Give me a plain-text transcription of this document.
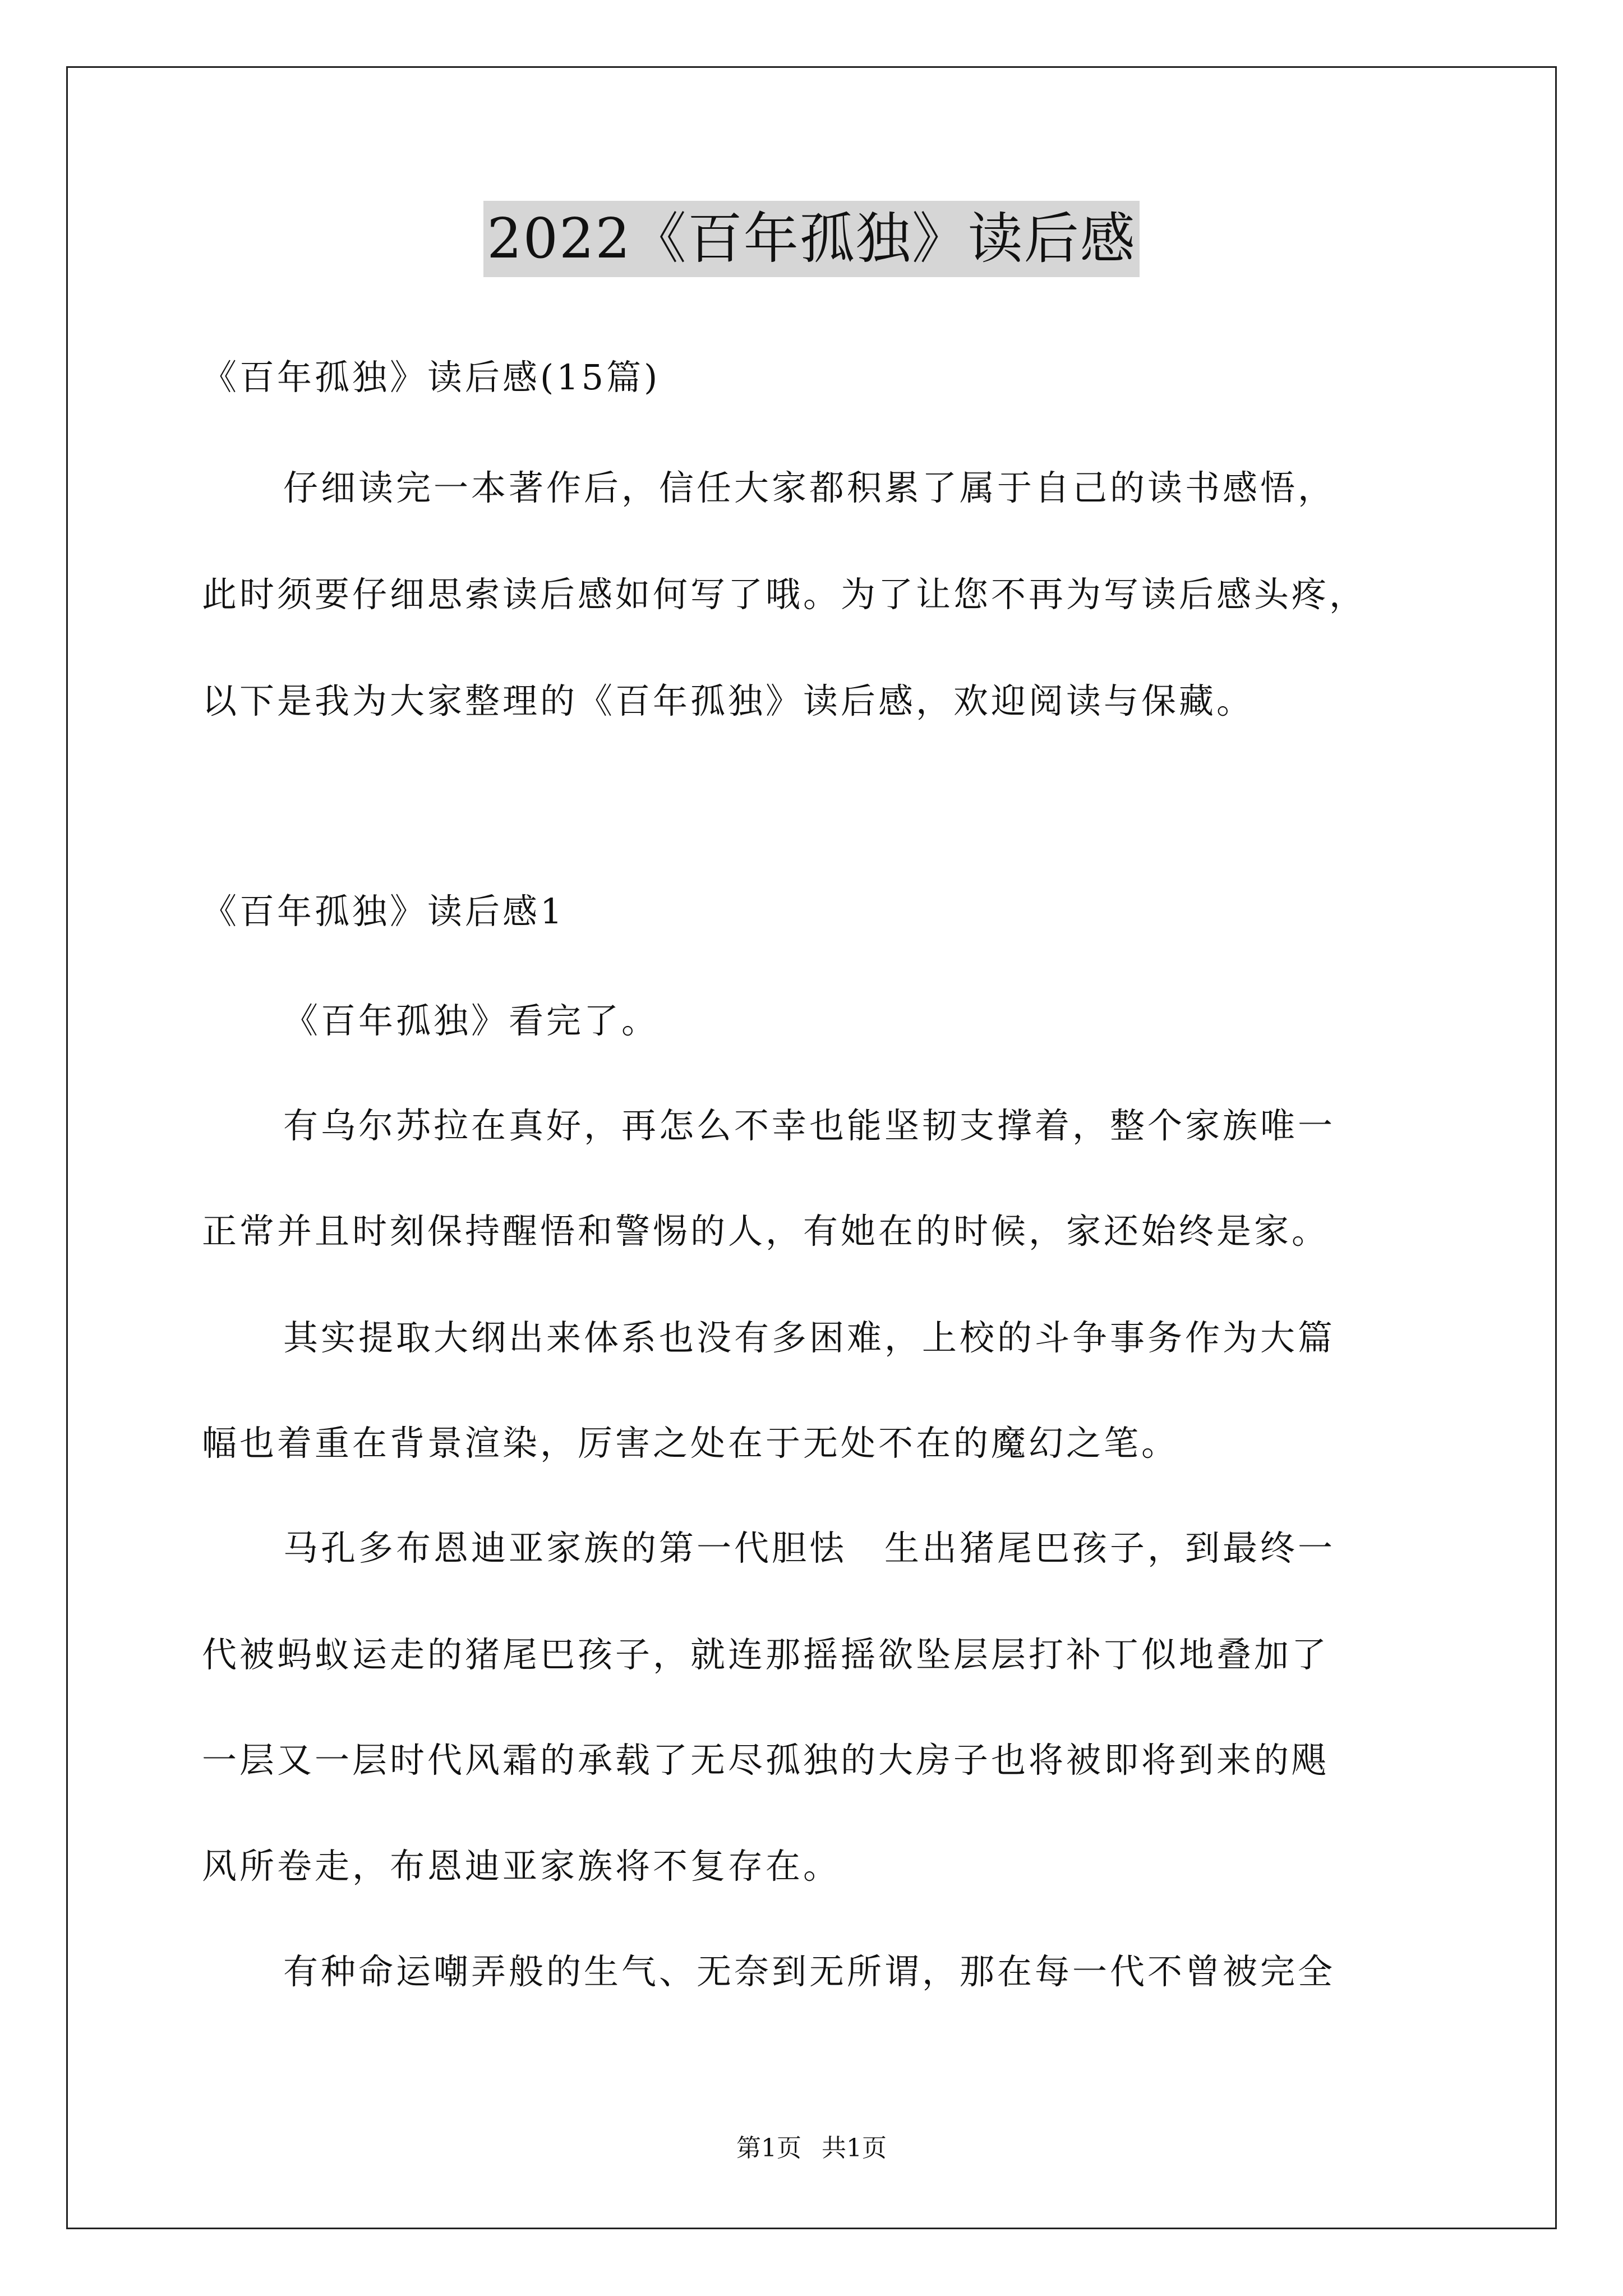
2022《百年孤独》读后感
《百年孤独》读后感(15篇)
仔细读完一本著作后，信任大家都积累了属于自己的读书感悟，
此时须要仔细思索读后感如何写了哦。为了让您不再为写读后感头疼，
以下是我为大家整理的《百年孤独》读后感，欢迎阅读与保藏。
《百年孤独》读后感1
《百年孤独》看完了。
有乌尔苏拉在真好，再怎么不幸也能坚韧支撑着，整个家族唯一
正常并且时刻保持醒悟和警惕的人，有她在的时候，家还始终是家。
其实提取大纲出来体系也没有多困难，上校的斗争事务作为大篇
幅也着重在背景渲染，厉害之处在于无处不在的魔幻之笔。
马孔多布恩迪亚家族的第一代胆怯　生出猪尾巴孩子，到最终一
代被蚂蚁运走的猪尾巴孩子，就连那摇摇欲坠层层打补丁似地叠加了
一层又一层时代风霜的承载了无尽孤独的大房子也将被即将到来的飓
风所卷走，布恩迪亚家族将不复存在。
有种命运嘲弄般的生气、无奈到无所谓，那在每一代不曾被完全
第1页 共1页
